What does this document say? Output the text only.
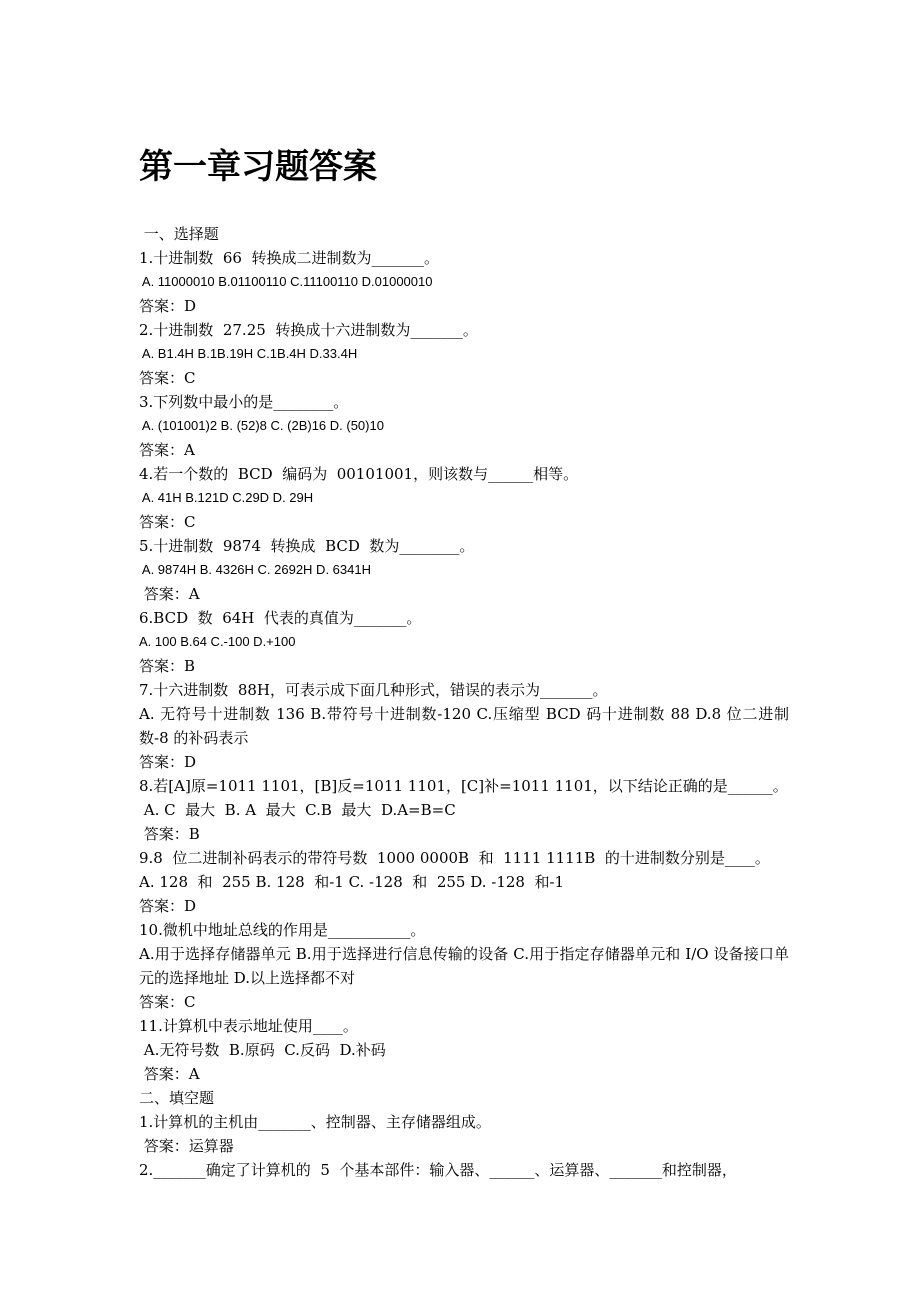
第一章习题答案
一、选择题
1.十进制数  66  转换成二进制数为_______。
A. 11000010 B.01100110 C.11100110 D.01000010
答案：D
2.十进制数  27.25  转换成十六进制数为_______。
A. B1.4H B.1B.19H C.1B.4H D.33.4H
答案：C
3.下列数中最小的是________。
A. (101001)2 B. (52)8 C. (2B)16 D. (50)10
答案：A
4.若一个数的  BCD  编码为  00101001，则该数与______相等。
A. 41H B.121D C.29D D. 29H
答案：C
5.十进制数  9874  转换成  BCD  数为________。
A. 9874H B. 4326H C. 2692H D. 6341H
答案：A
6.BCD  数  64H  代表的真值为_______。
A. 100 B.64 C.-100 D.+100
答案：B
7.十六进制数  88H，可表示成下面几种形式，错误的表示为_______。
A. 无符号十进制数 136 B.带符号十进制数-120 C.压缩型 BCD 码十进制数 88 D.8 位二进制数-8 的补码表示
答案：D
8.若[A]原=1011 1101，[B]反=1011 1101，[C]补=1011 1101，以下结论正确的是______。
A. C  最大  B. A  最大  C.B  最大  D.A=B=C
答案：B
9.8  位二进制补码表示的带符号数  1000 0000B  和  1111 1111B  的十进制数分别是____。
A. 128  和  255 B. 128  和-1 C. -128  和  255 D. -128  和-1
答案：D
10.微机中地址总线的作用是___________。
A.用于选择存储器单元 B.用于选择进行信息传输的设备 C.用于指定存储器单元和 I/O 设备接口单元的选择地址 D.以上选择都不对
答案：C
11.计算机中表示地址使用____。
A.无符号数  B.原码  C.反码  D.补码
答案：A
二、填空题
1.计算机的主机由_______、控制器、主存储器组成。
答案：运算器
2._______确定了计算机的  5  个基本部件：输入器、______、运算器、_______和控制器，
